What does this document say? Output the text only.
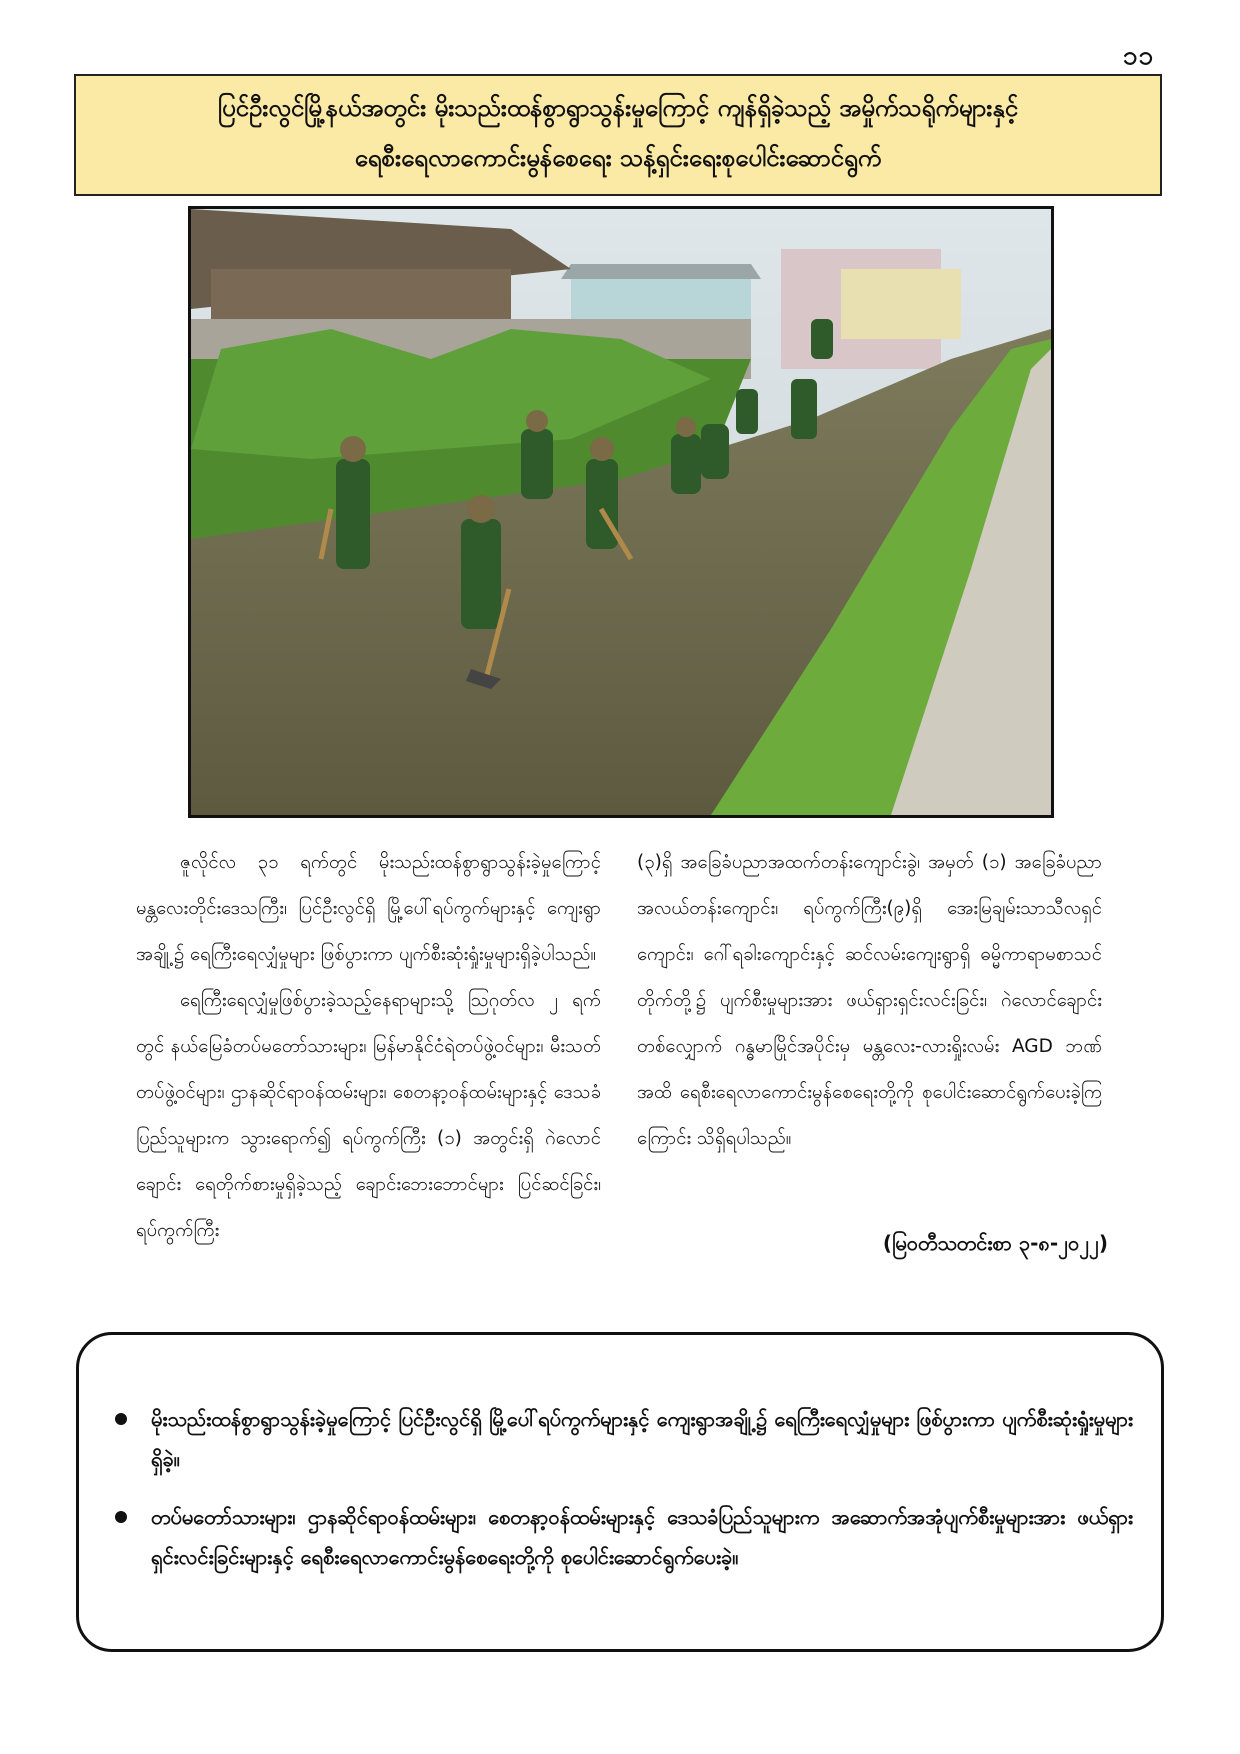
၁၁
ပြင်ဦးလွင်မြို့နယ်အတွင်း မိုးသည်းထန်စွာရွာသွန်းမှုကြောင့် ကျန်ရှိခဲ့သည့် အမှိုက်သရိုက်များနှင့်
ရေစီးရေလာကောင်းမွန်စေရေး သန့်ရှင်းရေးစုပေါင်းဆောင်ရွက်

ဇူလိုင်လ ၃၁ ရက်တွင် မိုးသည်းထန်စွာရွာသွန်းခဲ့မှုကြောင့် မန္တလေးတိုင်းဒေသကြီး၊ ပြင်ဦးလွင်ရှိ မြို့ပေါ်ရပ်ကွက်များနှင့် ကျေးရွာအချို့၌ ရေကြီးရေလျှံမှုများ ဖြစ်ပွားကာ ပျက်စီးဆုံးရှုံးမှုများရှိခဲ့ပါသည်။

ရေကြီးရေလျှံမှုဖြစ်ပွားခဲ့သည့်နေရာများသို့ ဩဂုတ်လ ၂ ရက်တွင် နယ်မြေခံတပ်မတော်သားများ၊ မြန်မာနိုင်ငံရဲတပ်ဖွဲ့ဝင်များ၊ မီးသတ်တပ်ဖွဲ့ဝင်များ၊ ဌာနဆိုင်ရာဝန်ထမ်းများ၊ စေတနာ့ဝန်ထမ်းများနှင့် ဒေသခံပြည်သူများက သွားရောက်၍ ရပ်ကွက်ကြီး (၁) အတွင်းရှိ ဂဲလောင်ချောင်း ရေတိုက်စားမှုရှိခဲ့သည့် ချောင်းဘေးဘောင်များ ပြင်ဆင်ခြင်း၊ ရပ်ကွက်ကြီး

(၃)ရှိ အခြေခံပညာအထက်တန်းကျောင်းခွဲ၊ အမှတ် (၁) အခြေခံပညာအလယ်တန်းကျောင်း၊ ရပ်ကွက်ကြီး(၉)ရှိ အေးမြချမ်းသာသီလရှင်ကျောင်း၊ ဂေါ်ရခါးကျောင်းနှင့် ဆင်လမ်းကျေးရွာရှိ ဓမ္မိကာရာမစာသင်တိုက်တို့၌ ပျက်စီးမှုများအား ဖယ်ရှားရှင်းလင်းခြင်း၊ ဂဲလောင်ချောင်းတစ်လျှောက် ဂန္ဓမာမြိုင်အပိုင်းမှ မန္တလေး-လားရှိုးလမ်း AGD ဘဏ်အထိ ရေစီးရေလာကောင်းမွန်စေရေးတို့ကို စုပေါင်းဆောင်ရွက်ပေးခဲ့ကြကြောင်း သိရှိရပါသည်။

(မြဝတီသတင်းစာ ၃-၈-၂၀၂၂)
မိုးသည်းထန်စွာရွာသွန်းခဲ့မှုကြောင့် ပြင်ဦးလွင်ရှိ မြို့ပေါ်ရပ်ကွက်များနှင့် ကျေးရွာအချို့၌ ရေကြီးရေလျှံမှုများ ဖြစ်ပွားကာ ပျက်စီးဆုံးရှုံးမှုများရှိခဲ့။
တပ်မတော်သားများ၊ ဌာနဆိုင်ရာဝန်ထမ်းများ၊ စေတနာ့ဝန်ထမ်းများနှင့် ဒေသခံပြည်သူများက အဆောက်အအုံပျက်စီးမှုများအား ဖယ်ရှားရှင်းလင်းခြင်းများနှင့် ရေစီးရေလာကောင်းမွန်စေရေးတို့ကို စုပေါင်းဆောင်ရွက်ပေးခဲ့။
